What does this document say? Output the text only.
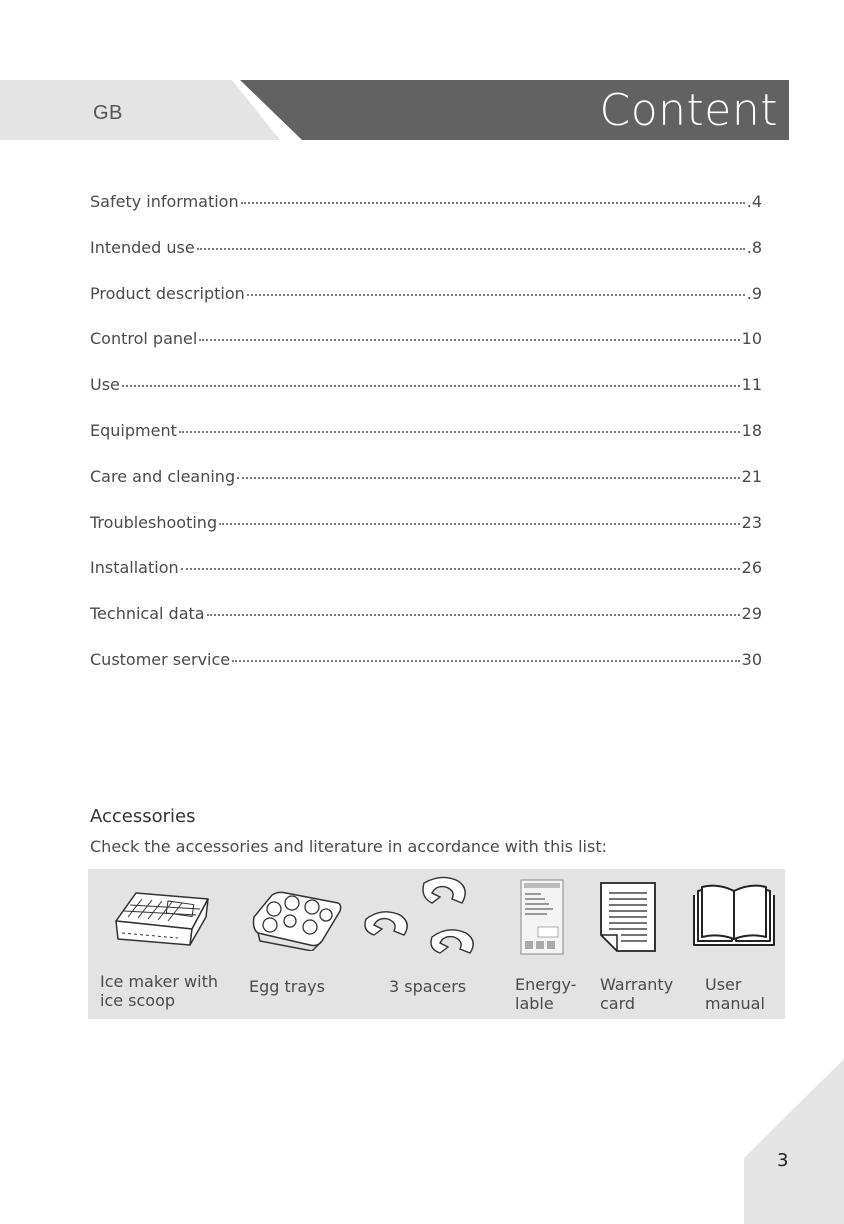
GB	Content
Safety information	.4
Intended use	.8
Product description	.9
Control panel	10
Use	11
Equipment	18
Care and cleaning	21
Troubleshooting	23
Installation	26
Technical data	29
Customer service	30
Accessories
Check the accessories and literature in accordance with this list:
Ice maker with
ice scoop
Egg trays	3 spacers	Energy-
lable
Warranty
card
User
manual
3
